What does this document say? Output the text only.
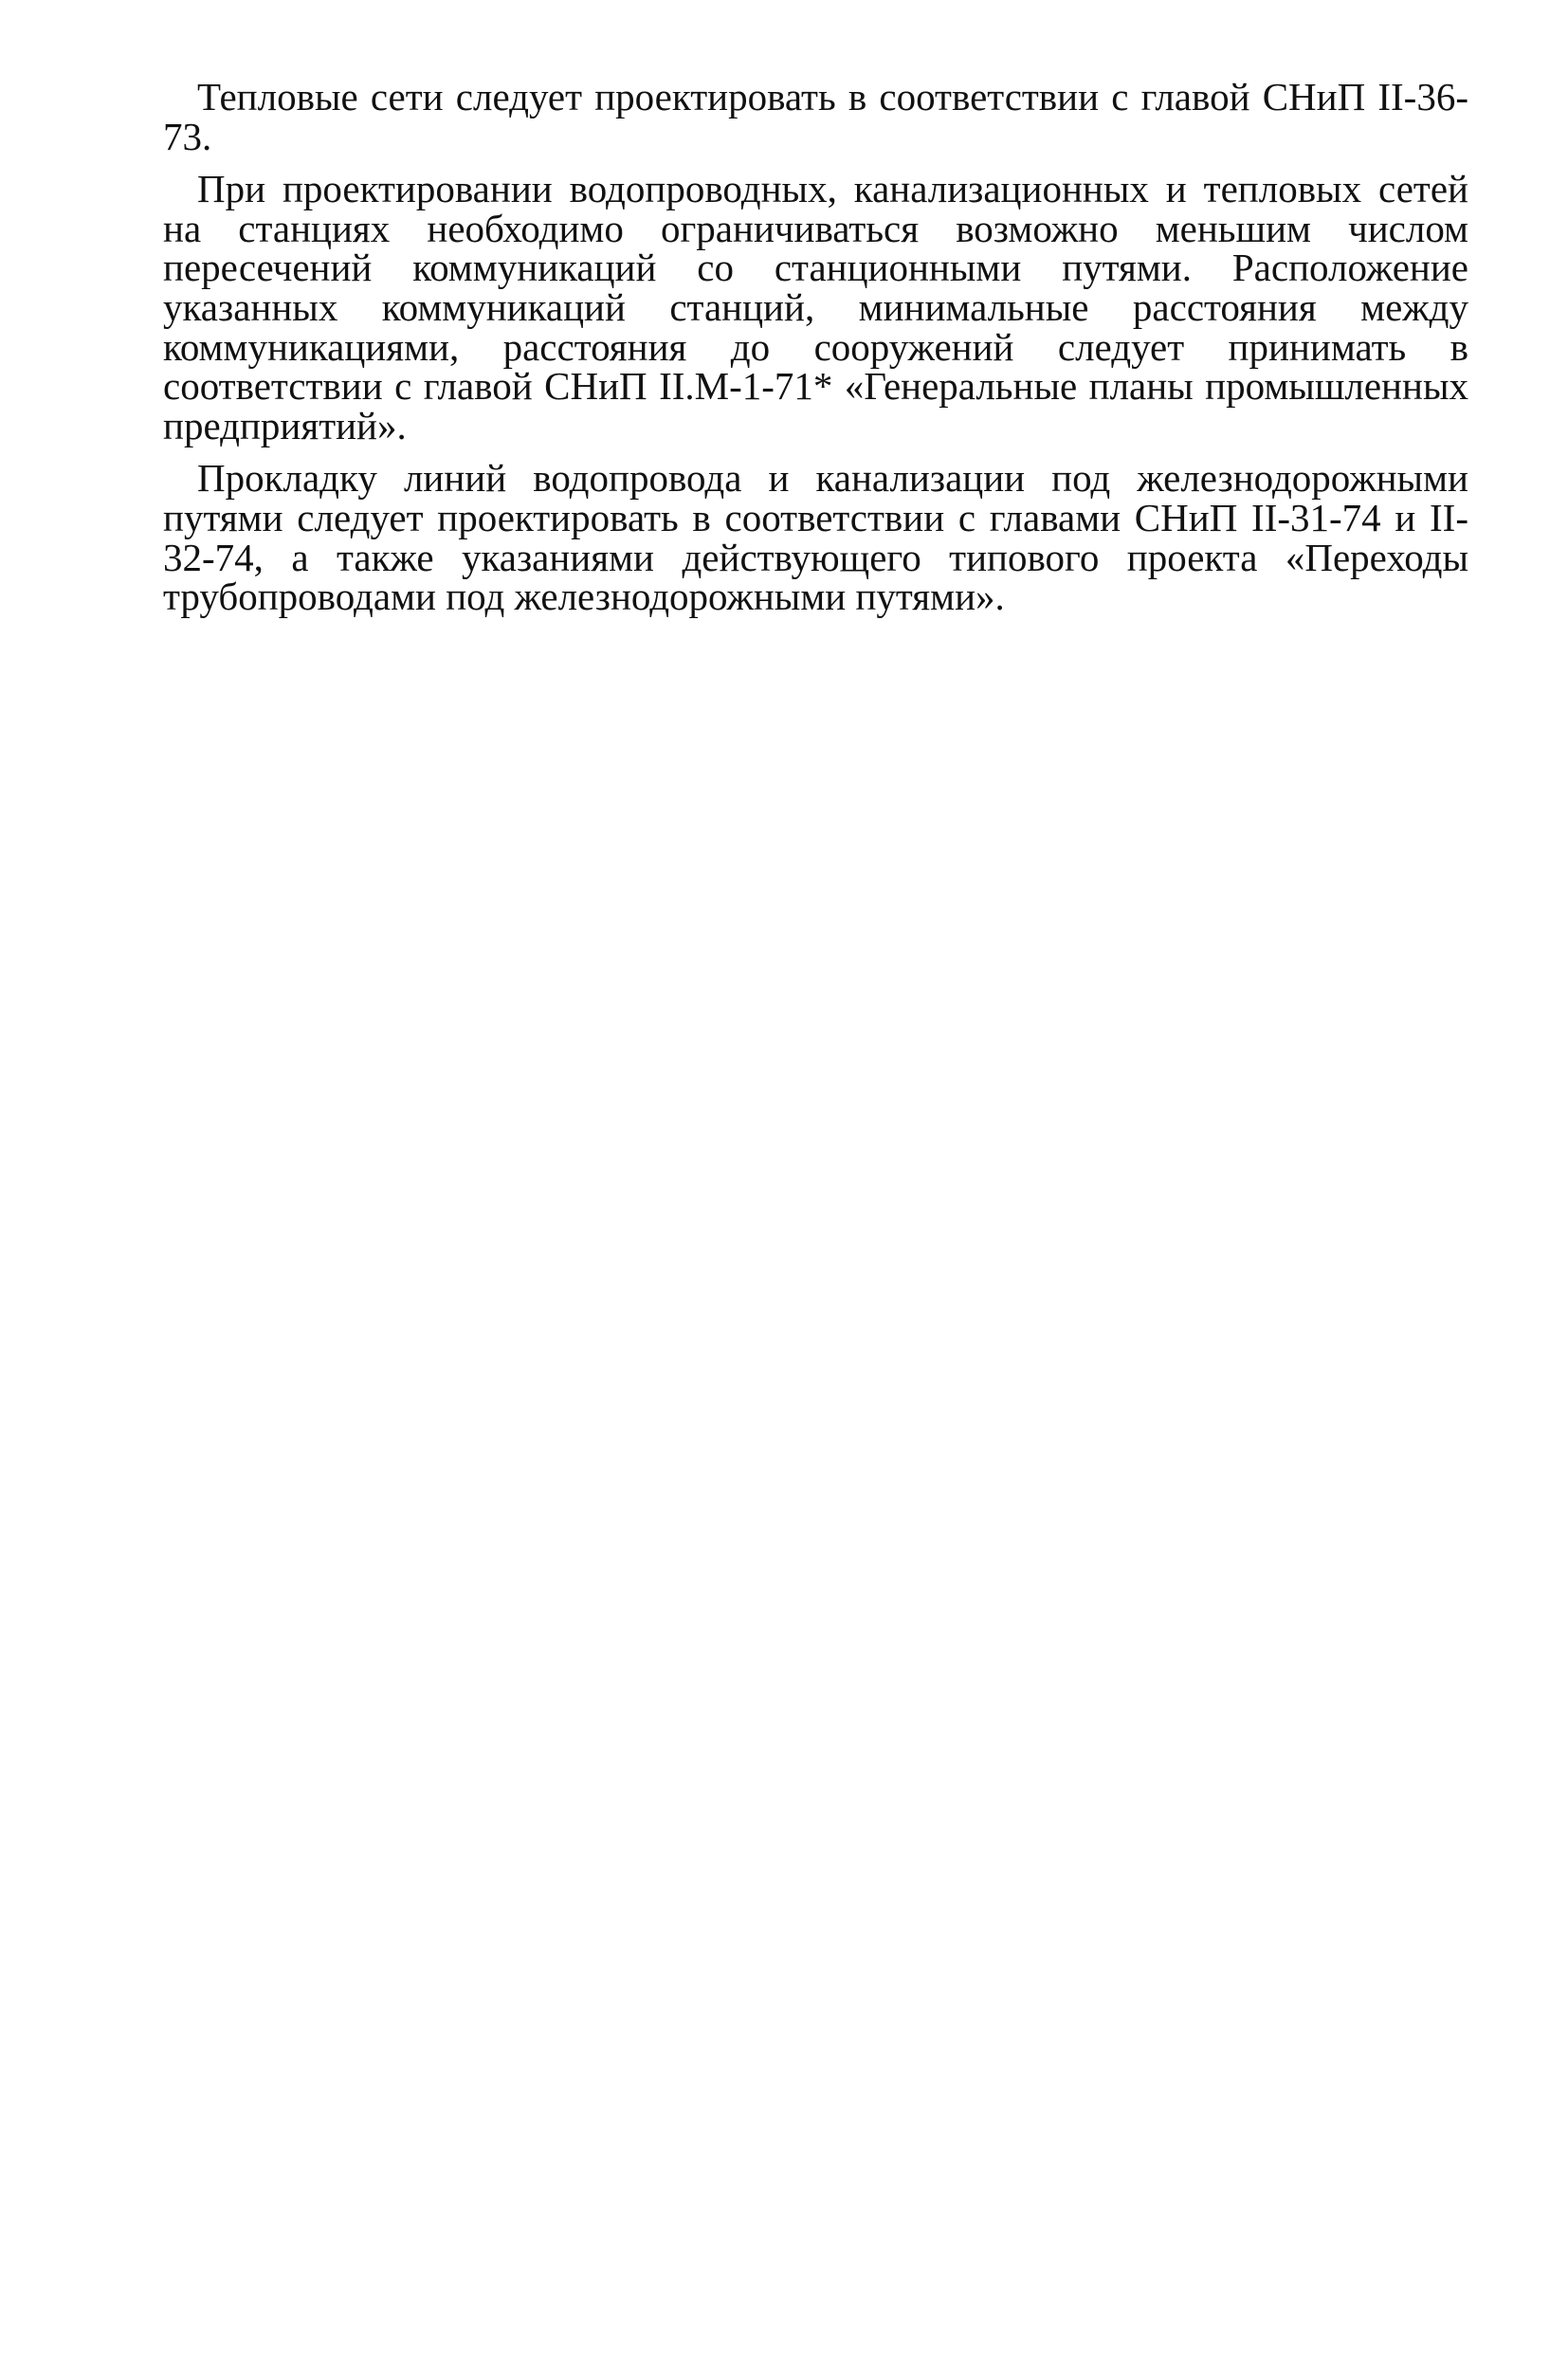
Тепловые сети следует проектировать в соответствии с главой СНиП II-36-73.

При проектировании водопроводных, канализационных и тепловых сетей на станциях необходимо ограничиваться возможно меньшим числом пересечений коммуникаций со станционными путями. Расположение указанных коммуникаций станций, минимальные расстояния между коммуникациями, расстояния до сооружений следует принимать в соответствии с главой СНиП II.М-1-71* «Генеральные планы промышленных предприятий».

Прокладку линий водопровода и канализации под железнодорожными путями следует проектировать в соответствии с главами СНиП II-31-74 и II-32-74, а также указаниями действующего типового проекта «Переходы трубопроводами под железнодорожными путями».
